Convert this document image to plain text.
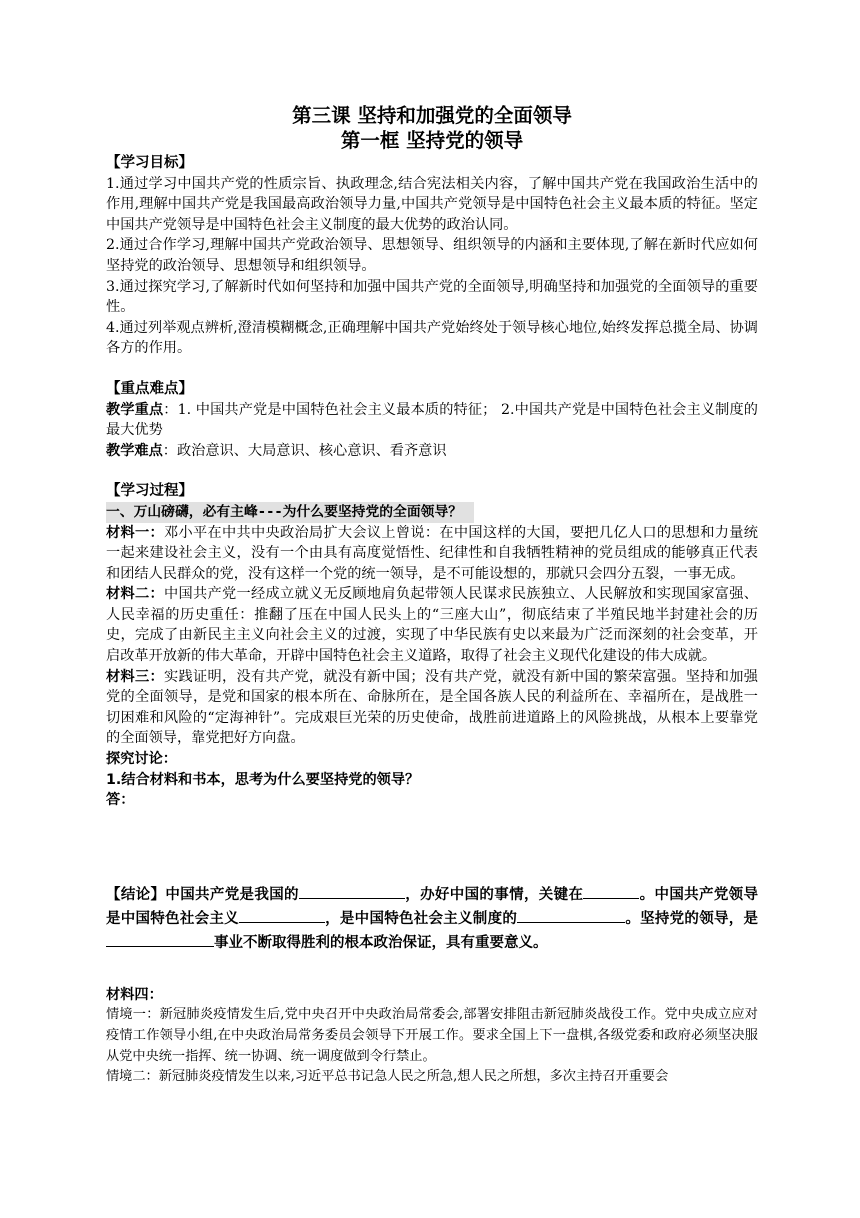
第三课 坚持和加强党的全面领导
第一框 坚持党的领导

【学习目标】

1.通过学习中国共产党的性质宗旨、执政理念,结合宪法相关内容，了解中国共产党在我国政治生活中的作用,理解中国共产党是我国最高政治领导力量,中国共产党领导是中国特色社会主义最本质的特征。坚定中国共产党领导是中国特色社会主义制度的最大优势的政治认同。

2.通过合作学习,理解中国共产党政治领导、思想领导、组织领导的内涵和主要体现,了解在新时代应如何坚持党的政治领导、思想领导和组织领导。

3.通过探究学习,了解新时代如何坚持和加强中国共产党的全面领导,明确坚持和加强党的全面领导的重要性。

4.通过列举观点辨析,澄清模糊概念,正确理解中国共产党始终处于领导核心地位,始终发挥总揽全局、协调各方的作用。

【重点难点】

教学重点：1. 中国共产党是中国特色社会主义最本质的特征； 2.中国共产党是中国特色社会主义制度的最大优势

教学难点：政治意识、大局意识、核心意识、看齐意识

【学习过程】

一、万山磅礴，必有主峰---为什么要坚持党的全面领导？

材料一：邓小平在中共中央政治局扩大会议上曾说：在中国这样的大国，要把几亿人口的思想和力量统一起来建设社会主义，没有一个由具有高度觉悟性、纪律性和自我牺牲精神的党员组成的能够真正代表和团结人民群众的党，没有这样一个党的统一领导，是不可能设想的，那就只会四分五裂，一事无成。

材料二：中国共产党一经成立就义无反顾地肩负起带领人民谋求民族独立、人民解放和实现国家富强、人民幸福的历史重任：推翻了压在中国人民头上的“三座大山”，彻底结束了半殖民地半封建社会的历史，完成了由新民主主义向社会主义的过渡，实现了中华民族有史以来最为广泛而深刻的社会变革，开启改革开放新的伟大革命，开辟中国特色社会主义道路，取得了社会主义现代化建设的伟大成就。

材料三：实践证明，没有共产党，就没有新中国；没有共产党，就没有新中国的繁荣富强。坚持和加强党的全面领导，是党和国家的根本所在、命脉所在，是全国各族人民的利益所在、幸福所在，是战胜一切困难和风险的“定海神针”。完成艰巨光荣的历史使命，战胜前进道路上的风险挑战，从根本上要靠党的全面领导，靠党把好方向盘。

探究讨论：

1.结合材料和书本，思考为什么要坚持党的领导？

答：

【结论】中国共产党是我国的	，办好中国的事情，关键在	。中国共产党领导是中国特色社会主义	，是中国特色社会主义制度的	。坚持党的领导，是事业不断取得胜利的根本政治保证，具有重要意义。

材料四：

情境一：新冠肺炎疫情发生后,党中央召开中央政治局常委会,部署安排阻击新冠肺炎战役工作。党中央成立应对疫情工作领导小组,在中央政治局常务委员会领导下开展工作。要求全国上下一盘棋,各级党委和政府必须坚决服从党中央统一指挥、统一协调、统一调度做到令行禁止。

情境二：新冠肺炎疫情发生以来,习近平总书记急人民之所急,想人民之所想，多次主持召开重要会
